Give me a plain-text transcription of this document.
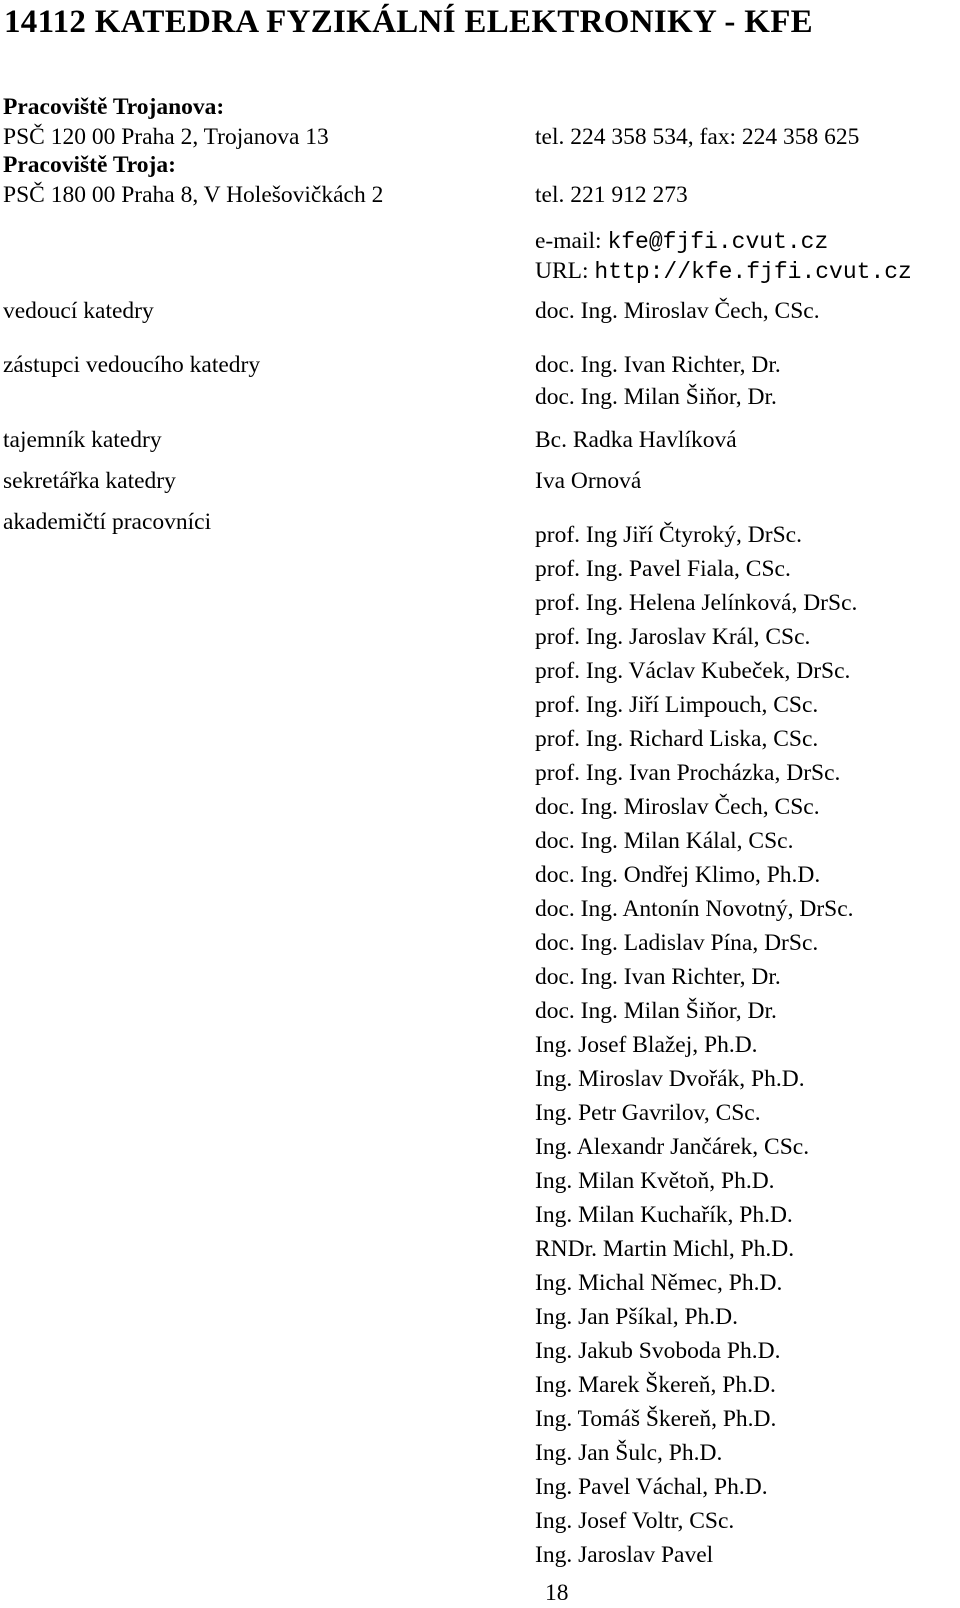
14112 KATEDRA FYZIKÁLNÍ ELEKTRONIKY - KFE
Pracoviště Trojanova:
PSČ 120 00 Praha 2, Trojanova 13	tel. 224 358 534, fax: 224 358 625
Pracoviště Troja:
PSČ 180 00 Praha 8, V Holešovičkách 2	tel. 221 912 273
e-mail: kfe@fjfi.cvut.cz
URL: http://kfe.fjfi.cvut.cz
vedoucí katedry	doc. Ing. Miroslav Čech, CSc.
zástupci vedoucího katedry	doc. Ing. Ivan Richter, Dr.
doc. Ing. Milan Šiňor, Dr.
tajemník katedry	Bc. Radka Havlíková
sekretářka katedry	Iva Ornová
akademičtí pracovníci	prof. Ing Jiří Čtyroký, DrSc.
prof. Ing. Pavel Fiala, CSc.
prof. Ing. Helena Jelínková, DrSc.
prof. Ing. Jaroslav Král, CSc.
prof. Ing. Václav Kubeček, DrSc.
prof. Ing. Jiří Limpouch, CSc.
prof. Ing. Richard Liska, CSc.
prof. Ing. Ivan Procházka, DrSc.
doc. Ing. Miroslav Čech, CSc.
doc. Ing. Milan Kálal, CSc.
doc. Ing. Ondřej Klimo, Ph.D.
doc. Ing. Antonín Novotný, DrSc.
doc. Ing. Ladislav Pína, DrSc.
doc. Ing. Ivan Richter, Dr.
doc. Ing. Milan Šiňor, Dr.
Ing. Josef Blažej, Ph.D.
Ing. Miroslav Dvořák, Ph.D.
Ing. Petr Gavrilov, CSc.
Ing. Alexandr Jančárek, CSc.
Ing. Milan Květoň, Ph.D.
Ing. Milan Kuchařík, Ph.D.
RNDr. Martin Michl, Ph.D.
Ing. Michal Němec, Ph.D.
Ing. Jan Pšíkal, Ph.D.
Ing. Jakub Svoboda Ph.D.
Ing. Marek Škereň, Ph.D.
Ing. Tomáš Škereň, Ph.D.
Ing. Jan Šulc, Ph.D.
Ing. Pavel Váchal, Ph.D.
Ing. Josef Voltr, CSc.
Ing. Jaroslav Pavel
18
